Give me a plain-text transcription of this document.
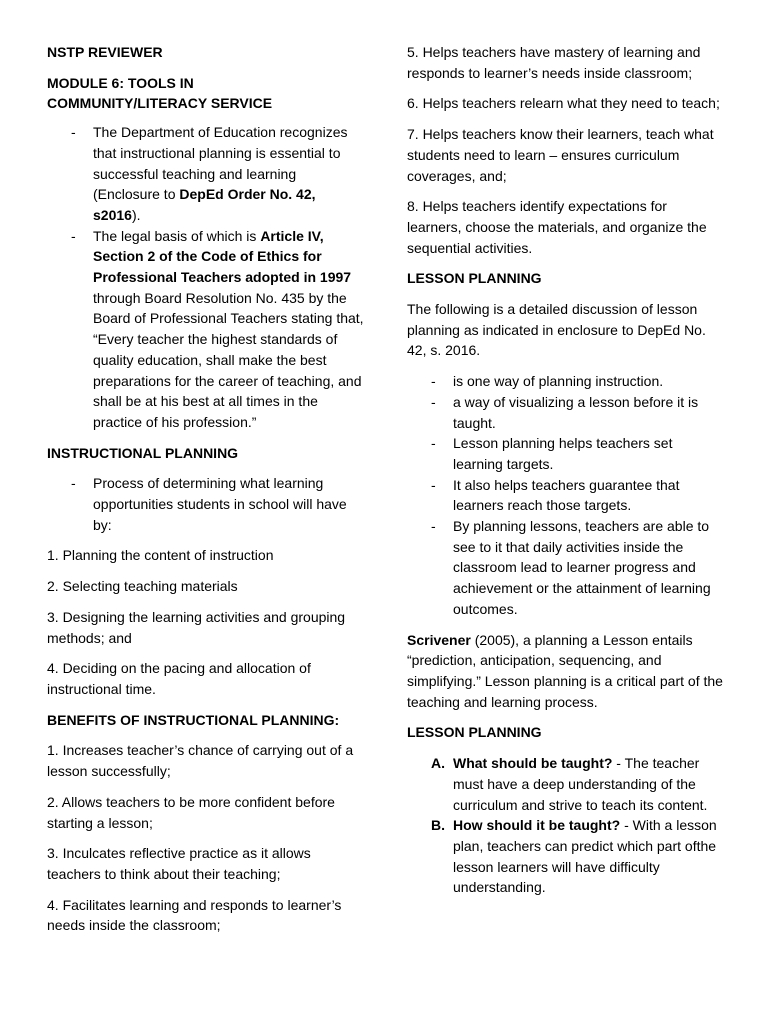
NSTP REVIEWER

MODULE 6: TOOLS IN
COMMUNITY/LITERACY SERVICE

- The Department of Education recognizes that instructional planning is essential to successful teaching and learning (Enclosure to DepEd Order No. 42, s2016).
- The legal basis of which is Article IV, Section 2 of the Code of Ethics for Professional Teachers adopted in 1997 through Board Resolution No. 435 by the Board of Professional Teachers stating that, “Every teacher the highest standards of quality education, shall make the best preparations for the career of teaching, and shall be at his best at all times in the practice of his profession.”

INSTRUCTIONAL PLANNING

- Process of determining what learning opportunities students in school will have by:

1. Planning the content of instruction

2. Selecting teaching materials

3. Designing the learning activities and grouping methods; and

4. Deciding on the pacing and allocation of instructional time.

BENEFITS OF INSTRUCTIONAL PLANNING:

1. Increases teacher’s chance of carrying out of a lesson successfully;

2. Allows teachers to be more confident before starting a lesson;

3. Inculcates reflective practice as it allows teachers to think about their teaching;

4. Facilitates learning and responds to learner’s needs inside the classroom;

5. Helps teachers have mastery of learning and responds to learner’s needs inside classroom;

6. Helps teachers relearn what they need to teach;

7. Helps teachers know their learners, teach what students need to learn – ensures curriculum coverages, and;

8. Helps teachers identify expectations for learners, choose the materials, and organize the sequential activities.

LESSON PLANNING

The following is a detailed discussion of lesson planning as indicated in enclosure to DepEd No. 42, s. 2016.

- is one way of planning instruction.
- a way of visualizing a lesson before it is taught.
- Lesson planning helps teachers set learning targets.
- It also helps teachers guarantee that learners reach those targets.
- By planning lessons, teachers are able to see to it that daily activities inside the classroom lead to learner progress and achievement or the attainment of learning outcomes.

Scrivener (2005), a planning a Lesson entails “prediction, anticipation, sequencing, and simplifying.” Lesson planning is a critical part of the teaching and learning process.

LESSON PLANNING

A. What should be taught? - The teacher must have a deep understanding of the curriculum and strive to teach its content.
B. How should it be taught? - With a lesson plan, teachers can predict which part ofthe lesson learners will have difficulty understanding.
